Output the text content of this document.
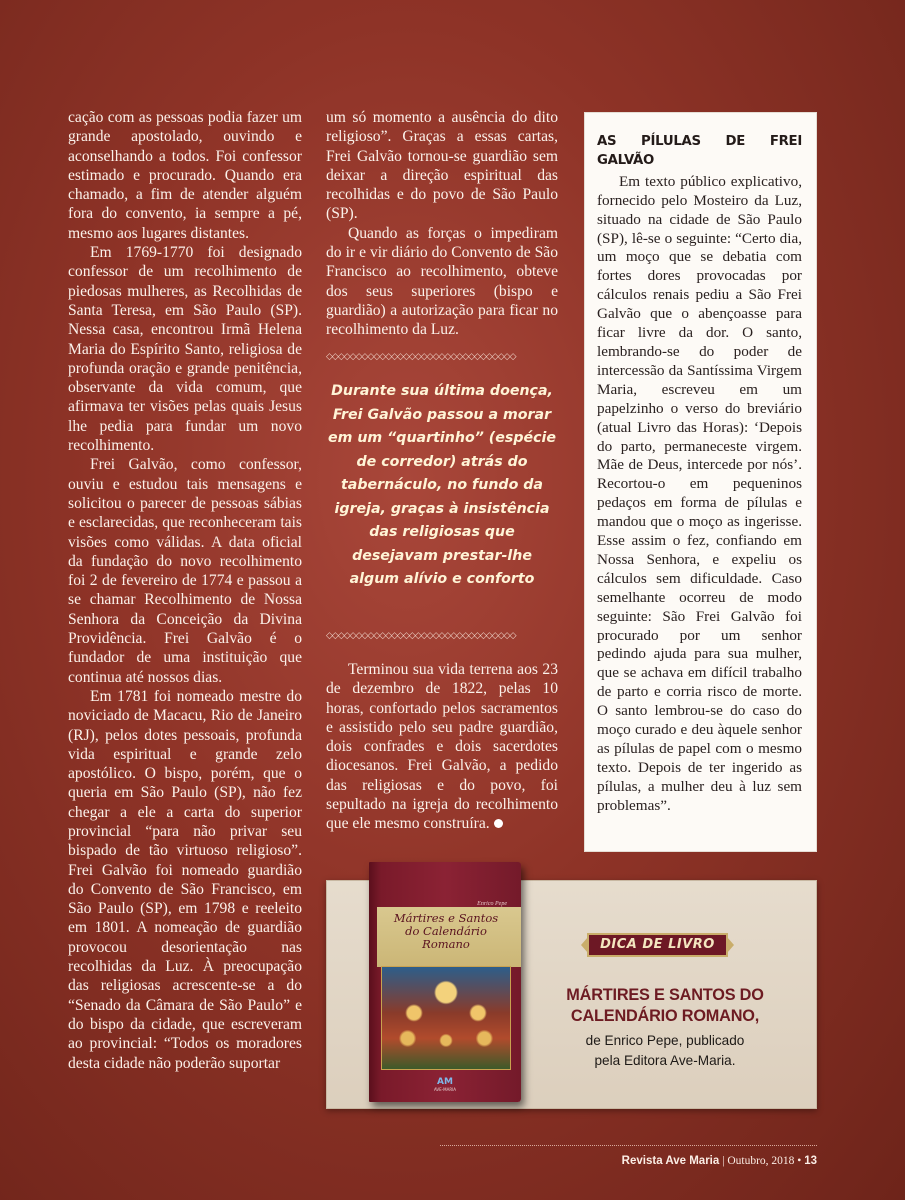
cação com as pessoas podia fazer um grande apostolado, ouvindo e aconselhando a todos. Foi confessor estimado e procurado. Quando era chamado, a fim de atender alguém fora do convento, ia sempre a pé, mesmo aos lugares distantes.

Em 1769-1770 foi designado confessor de um recolhimento de piedosas mulheres, as Recolhidas de Santa Teresa, em São Paulo (SP). Nessa casa, encontrou Irmã Helena Maria do Espírito Santo, religiosa de profunda oração e grande penitência, observante da vida comum, que afirmava ter visões pelas quais Jesus lhe pedia para fundar um novo recolhimento.

Frei Galvão, como confessor, ouviu e estudou tais mensagens e solicitou o parecer de pessoas sábias e esclarecidas, que reconheceram tais visões como válidas. A data oficial da fundação do novo recolhimento foi 2 de fevereiro de 1774 e passou a se chamar Recolhimento de Nossa Senhora da Conceição da Divina Providência. Frei Galvão é o fundador de uma instituição que continua até nossos dias.

Em 1781 foi nomeado mestre do noviciado de Macacu, Rio de Janeiro (RJ), pelos dotes pessoais, profunda vida espiritual e grande zelo apostólico. O bispo, porém, que o queria em São Paulo (SP), não fez chegar a ele a carta do superior provincial “para não privar seu bispado de tão virtuoso religioso”. Frei Galvão foi nomeado guardião do Convento de São Francisco, em São Paulo (SP), em 1798 e reeleito em 1801. A nomeação de guardião provocou desorientação nas recolhidas da Luz. À preocupação das religiosas acrescente-se a do “Senado da Câmara de São Paulo” e do bispo da cidade, que escreveram ao provincial: “Todos os moradores desta cidade não poderão suportar

um só momento a ausência do dito religioso”. Graças a essas cartas, Frei Galvão tornou-se guardião sem deixar a direção espiritual das recolhidas e do povo de São Paulo (SP).

Quando as forças o impediram do ir e vir diário do Convento de São Francisco ao recolhimento, obteve dos seus superiores (bispo e guardião) a autorização para ficar no recolhimento da Luz.

◇◇◇◇◇◇◇◇◇◇◇◇◇◇◇◇◇◇◇◇◇◇◇◇◇◇◇◇◇◇◇◇
Durante sua última doença, Frei Galvão passou a morar em um “quartinho” (espécie de corredor) atrás do tabernáculo, no fundo da igreja, graças à insistência das religiosas que desejavam prestar-lhe algum alívio e conforto
◇◇◇◇◇◇◇◇◇◇◇◇◇◇◇◇◇◇◇◇◇◇◇◇◇◇◇◇◇◇◇◇

Terminou sua vida terrena aos 23 de dezembro de 1822, pelas 10 horas, confortado pelos sacramentos e assistido pelo seu padre guardião, dois confrades e dois sacerdotes diocesanos. Frei Galvão, a pedido das religiosas e do povo, foi sepultado na igreja do recolhimento que ele mesmo construíra.

AS PÍLULAS DE FREI GALVÃO

Em texto público explicativo, fornecido pelo Mosteiro da Luz, situado na cidade de São Paulo (SP), lê-se o seguinte: “Certo dia, um moço que se debatia com fortes dores provocadas por cálculos renais pediu a São Frei Galvão que o abençoasse para ficar livre da dor. O santo, lembrando-se do poder de intercessão da Santíssima Virgem Maria, escreveu em um papelzinho o verso do breviário (atual Livro das Horas): ‘Depois do parto, permaneceste virgem. Mãe de Deus, intercede por nós’. Recortou-o em pequeninos pedaços em forma de pílulas e mandou que o moço as ingerisse. Esse assim o fez, confiando em Nossa Senhora, e expeliu os cálculos sem dificuldade. Caso semelhante ocorreu de modo seguinte: São Frei Galvão foi procurado por um senhor pedindo ajuda para sua mulher, que se achava em difícil trabalho de parto e corria risco de morte. O santo lembrou-se do caso do moço curado e deu àquele senhor as pílulas de papel com o mesmo texto. Depois de ter ingerido as pílulas, a mulher deu à luz sem problemas”.

Enrico Pepe
Mártires e Santos
do Calendário
Romano
AM
AVE-MARIA
DICA DE LIVRO
MÁRTIRES E SANTOS DO
CALENDÁRIO ROMANO,
de Enrico Pepe, publicado
pela Editora Ave-Maria.
Revista Ave Maria | Outubro, 2018 • 13
